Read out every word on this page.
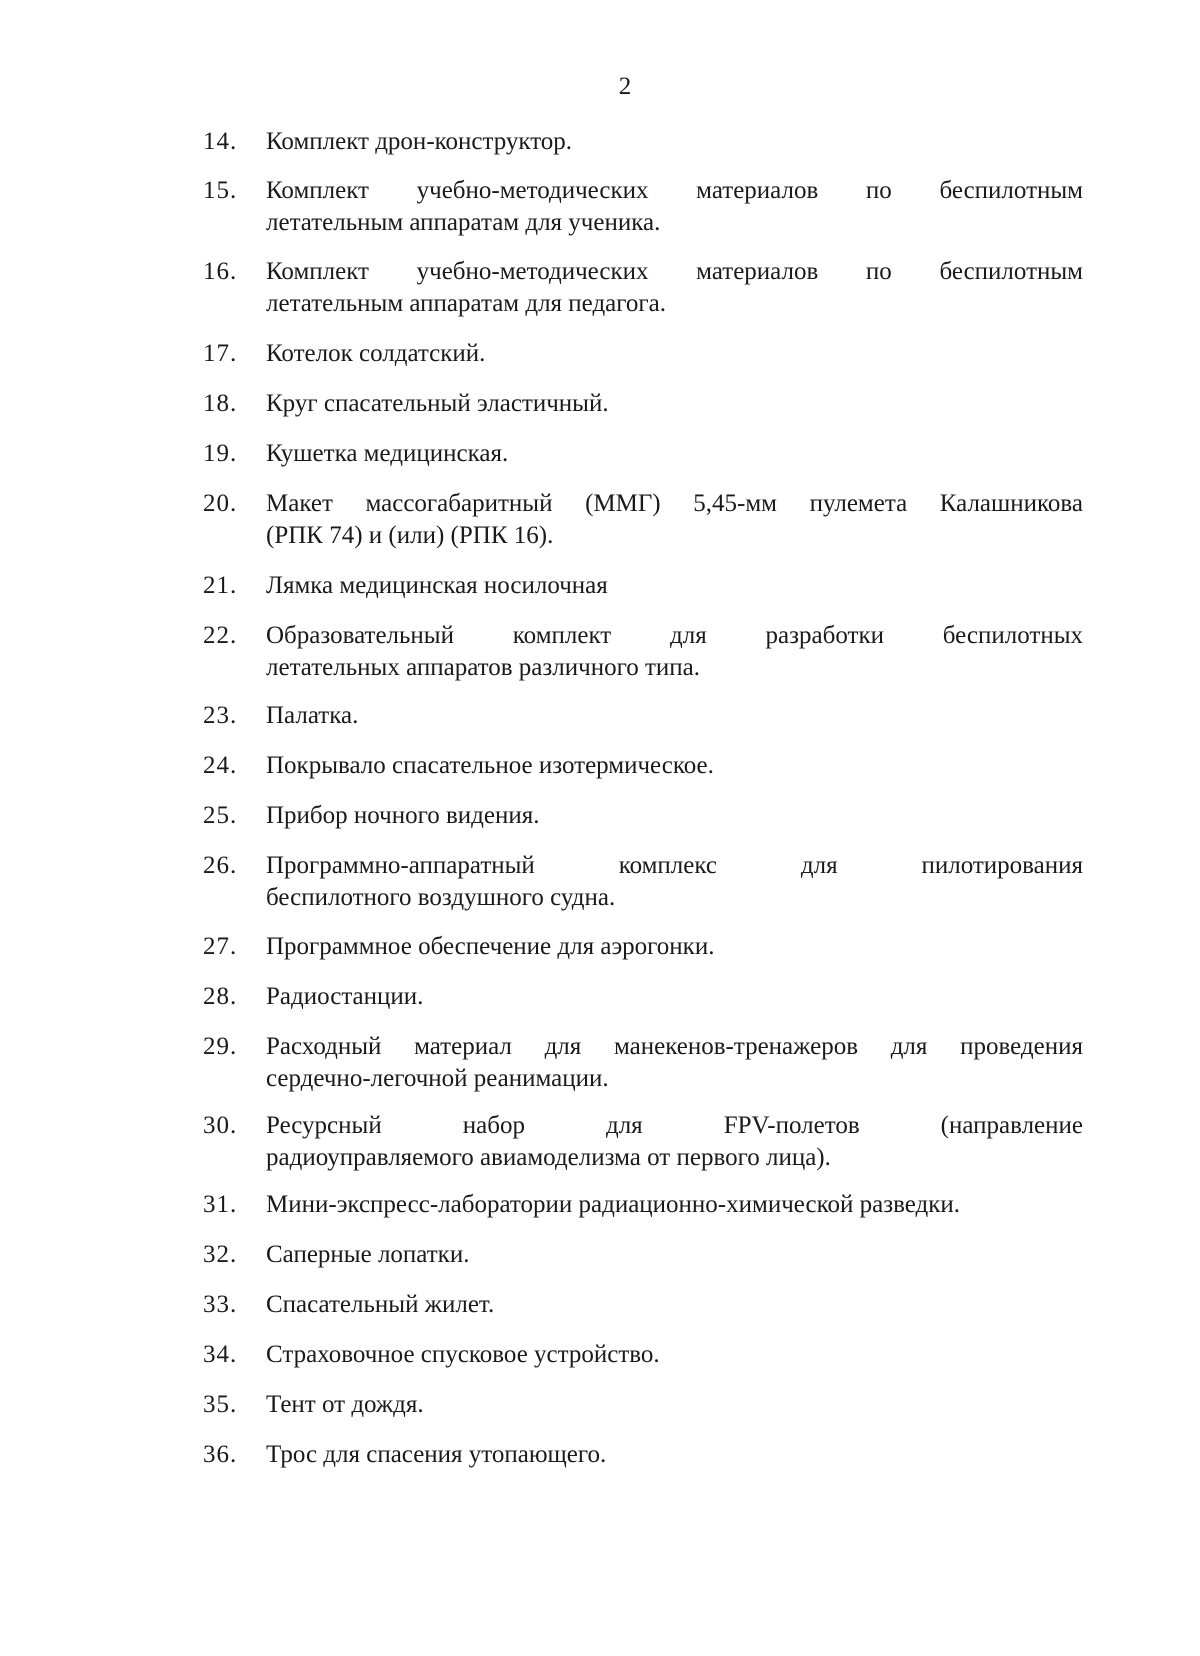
2
14.	Комплект дрон-конструктор.
15.	Комплект учебно-методических материалов по беспилотным
летательным аппаратам для ученика.
16.	Комплект учебно-методических материалов по беспилотным
летательным аппаратам для педагога.
17.	Котелок солдатский.
18.	Круг спасательный эластичный.
19.	Кушетка медицинская.
20.	Макет массогабаритный (ММГ) 5,45-мм пулемета Калашникова
(РПК 74) и (или) (РПК 16).
21.	Лямка медицинская носилочная
22.	Образовательный комплект для разработки беспилотных
летательных аппаратов различного типа.
23.	Палатка.
24.	Покрывало спасательное изотермическое.
25.	Прибор ночного видения.
26.	Программно-аппаратный комплекс для пилотирования
беспилотного воздушного судна.
27.	Программное обеспечение для аэрогонки.
28.	Радиостанции.
29.	Расходный материал для манекенов-тренажеров для проведения
сердечно-легочной реанимации.
30.	Ресурсный набор для FPV-полетов (направление
радиоуправляемого авиамоделизма от первого лица).
31.	Мини-экспресс-лаборатории радиационно-химической разведки.
32.	Саперные лопатки.
33.	Спасательный жилет.
34.	Страховочное спусковое устройство.
35.	Тент от дождя.
36.	Трос для спасения утопающего.
